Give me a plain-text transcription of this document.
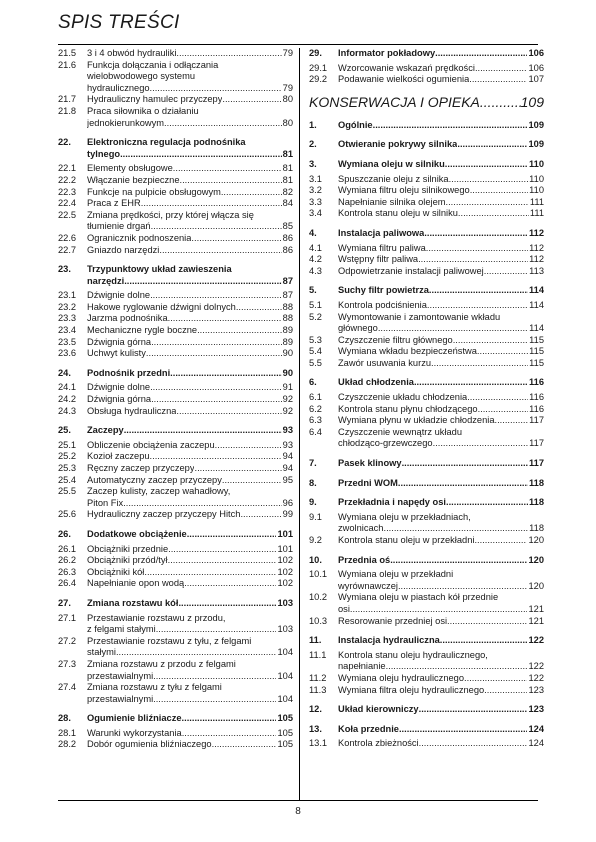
SPIS TREŚCI
21.5	3 i 4 obwód hydrauliki .....	79
21.6	Funkcja dołączania i odłączania
wielobwodowego systemu
hydraulicznego .....	79
21.7	Hydrauliczny hamulec przyczepy .....	80
21.8	Praca siłownika o działaniu
jednokierunkowym .....	80
22.	Elektroniczna regulacja podnośnika
tylnego .....	81
22.1	Elementy obsługowe .....	81
22.2	Włączanie bezpieczne .....	81
22.3	Funkcje na pulpicie obsługowym .....	82
22.4	Praca z EHR .....	84
22.5	Zmiana prędkości, przy której włącza się
tłumienie drgań .....	85
22.6	Ogranicznik podnoszenia .....	86
22.7	Gniazdo narzędzi .....	86
23.	Trzypunktowy układ zawieszenia
narzędzi .....	87
23.1	Dźwignie dolne .....	87
23.2	Hakowe ryglowanie dźwigni dolnych .....	88
23.3	Jarzma podnośnika .....	88
23.4	Mechaniczne rygle boczne .....	89
23.5	Dźwignia górna .....	89
23.6	Uchwyt kulisty .....	90
24.	Podnośnik przedni .....	90
24.1	Dźwignie dolne .....	91
24.2	Dźwignia górna .....	92
24.3	Obsługa hydrauliczna .....	92
25.	Zaczepy .....	93
25.1	Obliczenie obciążenia zaczepu .....	93
25.2	Kozioł zaczepu .....	94
25.3	Ręczny zaczep przyczepy .....	94
25.4	Automatyczny zaczep przyczepy .....	95
25.5	Zaczep kulisty, zaczep wahadłowy,
Piton Fix .....	96
25.6	Hydrauliczny zaczep przyczepy Hitch .....	99
26.	Dodatkowe obciążenie .....	101
26.1	Obciążniki przednie .....	101
26.2	Obciążniki przód/tył .....	102
26.3	Obciążniki kół .....	102
26.4	Napełnianie opon wodą .....	102
27.	Zmiana rozstawu kół .....	103
27.1	Przestawianie rozstawu z przodu,
z felgami stałymi .....	103
27.2	Przestawianie rozstawu z tyłu, z felgami
stałymi .....	104
27.3	Zmiana rozstawu z przodu z felgami
przestawialnymi .....	104
27.4	Zmiana rozstawu z tyłu z felgami
przestawialnymi .....	104
28.	Ogumienie bliźniacze .....	105
28.1	Warunki wykorzystania .....	105
28.2	Dobór ogumienia bliźniaczego .....	105
29.	Informator pokładowy .....	106
29.1	Wzorcowanie wskazań prędkości .....	106
29.2	Podawanie wielkości ogumienia .....	107
KONSERWACJA I OPIEKA .....	109
1.	Ogólnie .....	109
2.	Otwieranie pokrywy silnika .....	109
3.	Wymiana oleju w silniku .....	110
3.1	Spuszczanie oleju z silnika .....	110
3.2	Wymiana filtru oleju silnikowego .....	110
3.3	Napełnianie silnika olejem .....	111
3.4	Kontrola stanu oleju w silniku .....	111
4.	Instalacja paliwowa .....	112
4.1	Wymiana filtru paliwa .....	112
4.2	Wstępny filtr paliwa .....	112
4.3	Odpowietrzanie instalacji paliwowej .....	113
5.	Suchy filtr powietrza .....	114
5.1	Kontrola podciśnienia .....	114
5.2	Wymontowanie i zamontowanie wkładu
głównego .....	114
5.3	Czyszczenie filtru głównego .....	115
5.4	Wymiana wkładu bezpieczeństwa .....	115
5.5	Zawór usuwania kurzu .....	115
6.	Układ chłodzenia .....	116
6.1	Czyszczenie układu chłodzenia .....	116
6.2	Kontrola stanu płynu chłodzącego .....	116
6.3	Wymiana płynu w układzie chłodzenia .....	117
6.4	Czyszczenie wewnątrz układu
chłodząco-grzewczego .....	117
7.	Pasek klinowy .....	117
8.	Przedni WOM .....	118
9.	Przekładnia i napędy osi .....	118
9.1	Wymiana oleju w przekładniach,
zwolnicach .....	118
9.2	Kontrola stanu oleju w przekładni .....	120
10.	Przednia oś .....	120
10.1	Wymiana oleju w przekładni
wyrównawczej .....	120
10.2	Wymiana oleju w piastach kół przednie
osi .....	121
10.3	Resorowanie przedniej osi .....	121
11.	Instalacja hydrauliczna .....	122
11.1	Kontrola stanu oleju hydraulicznego,
napełnianie .....	122
11.2	Wymiana oleju hydraulicznego .....	122
11.3	Wymiana filtra oleju hydraulicznego .....	123
12.	Układ kierowniczy .....	123
13.	Koła przednie .....	124
13.1	Kontrola zbieżności .....	124
8
